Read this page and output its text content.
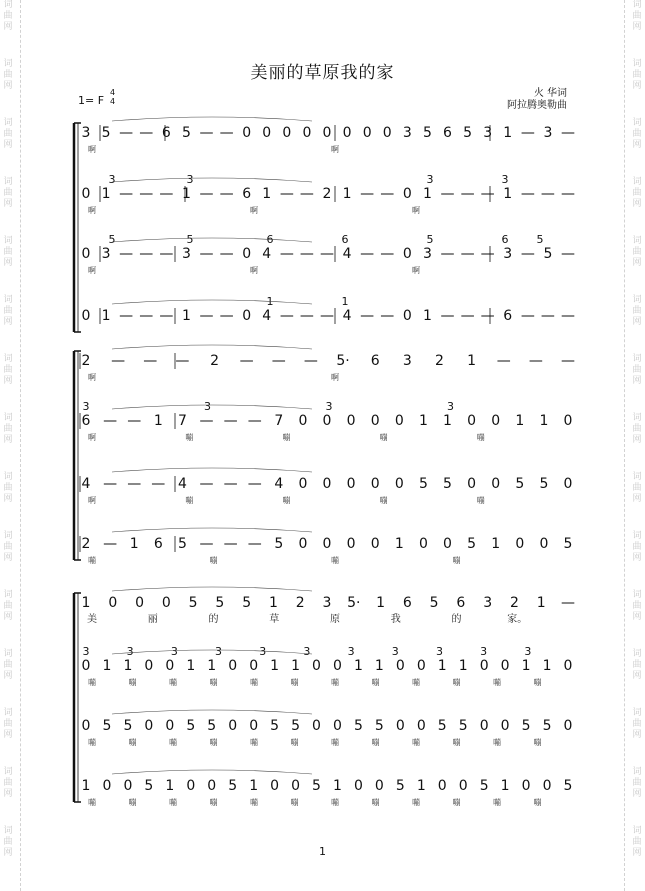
词
曲
网
词
曲
网
词
曲
网
词
曲
网
词
曲
网
词
曲
网
词
曲
网
词
曲
网
词
曲
网
词
曲
网
词
曲
网
词
曲
网
词
曲
网
词
曲
网
词
曲
网
词
曲
网
词
曲
网
词
曲
网
词
曲
网
词
曲
网
词
曲
网
词
曲
网
词
曲
网
词
曲
网
词
曲
网
词
曲
网
词
曲
网
词
曲
网
词
曲
网
词
曲
网
美丽的草原我的家
1= F
4
4
火 华词
阿拉腾奥勒曲
3 5 — — 6 5 — — 0 0 0 0 0 0 0 0 3 5 6 5 3 1 — 3 —
啊	啊
0 1 — — — 1 — — 6 1 — — 2 1 — — 0 1 — — — 1 — — —
3	3	3	3
啊	啊	啊
0 3 — — — 3 — — 0 4 — — — 4 — — 0 3 — — — 3 — 5 —
5	5	6	6	5	6	5
啊	啊	啊
0 1 — — — 1 — — 0 4 — — — 4 — — 0 1 — — — 6 — — —
1	1
2 — — — 2 — — — 5· 6 3 2 1 — — —
啊	啊
6 — — 1 7 — — — 7 0 0 0 0 0 1 1 0 0 1 1 0
3	3	3	3
啊	嘣	嘣	嘣	嘣
4 — — — 4 — — — 4 0 0 0 0 0 5 5 0 0 5 5 0
啊	嘣	嘣	嘣	嘣
2 — 1 6 5 — — — 5 0 0 0 0 1 0 0 5 1 0 0 5
嘣	嘣	嘣	嘣
1 0 0 0 5 5 5 1 2 3 5· 1 6 5 6 3 2 1 —
美	丽	的	草	原	我	的	家。
0 1 1 0 0 1 1 0 0 1 1 0 0 1 1 0 0 1 1 0 0 1 1 0
3	3	3	3	3	3	3	3	3	3	3
嘣	嘣	嘣	嘣	嘣	嘣	嘣	嘣	嘣	嘣	嘣	嘣
0 5 5 0 0 5 5 0 0 5 5 0 0 5 5 0 0 5 5 0 0 5 5 0
嘣	嘣	嘣	嘣	嘣	嘣	嘣	嘣	嘣	嘣	嘣	嘣
1 0 0 5 1 0 0 5 1 0 0 5 1 0 0 5 1 0 0 5 1 0 0 5
嘣	嘣	嘣	嘣	嘣	嘣	嘣	嘣	嘣	嘣	嘣	嘣
1
